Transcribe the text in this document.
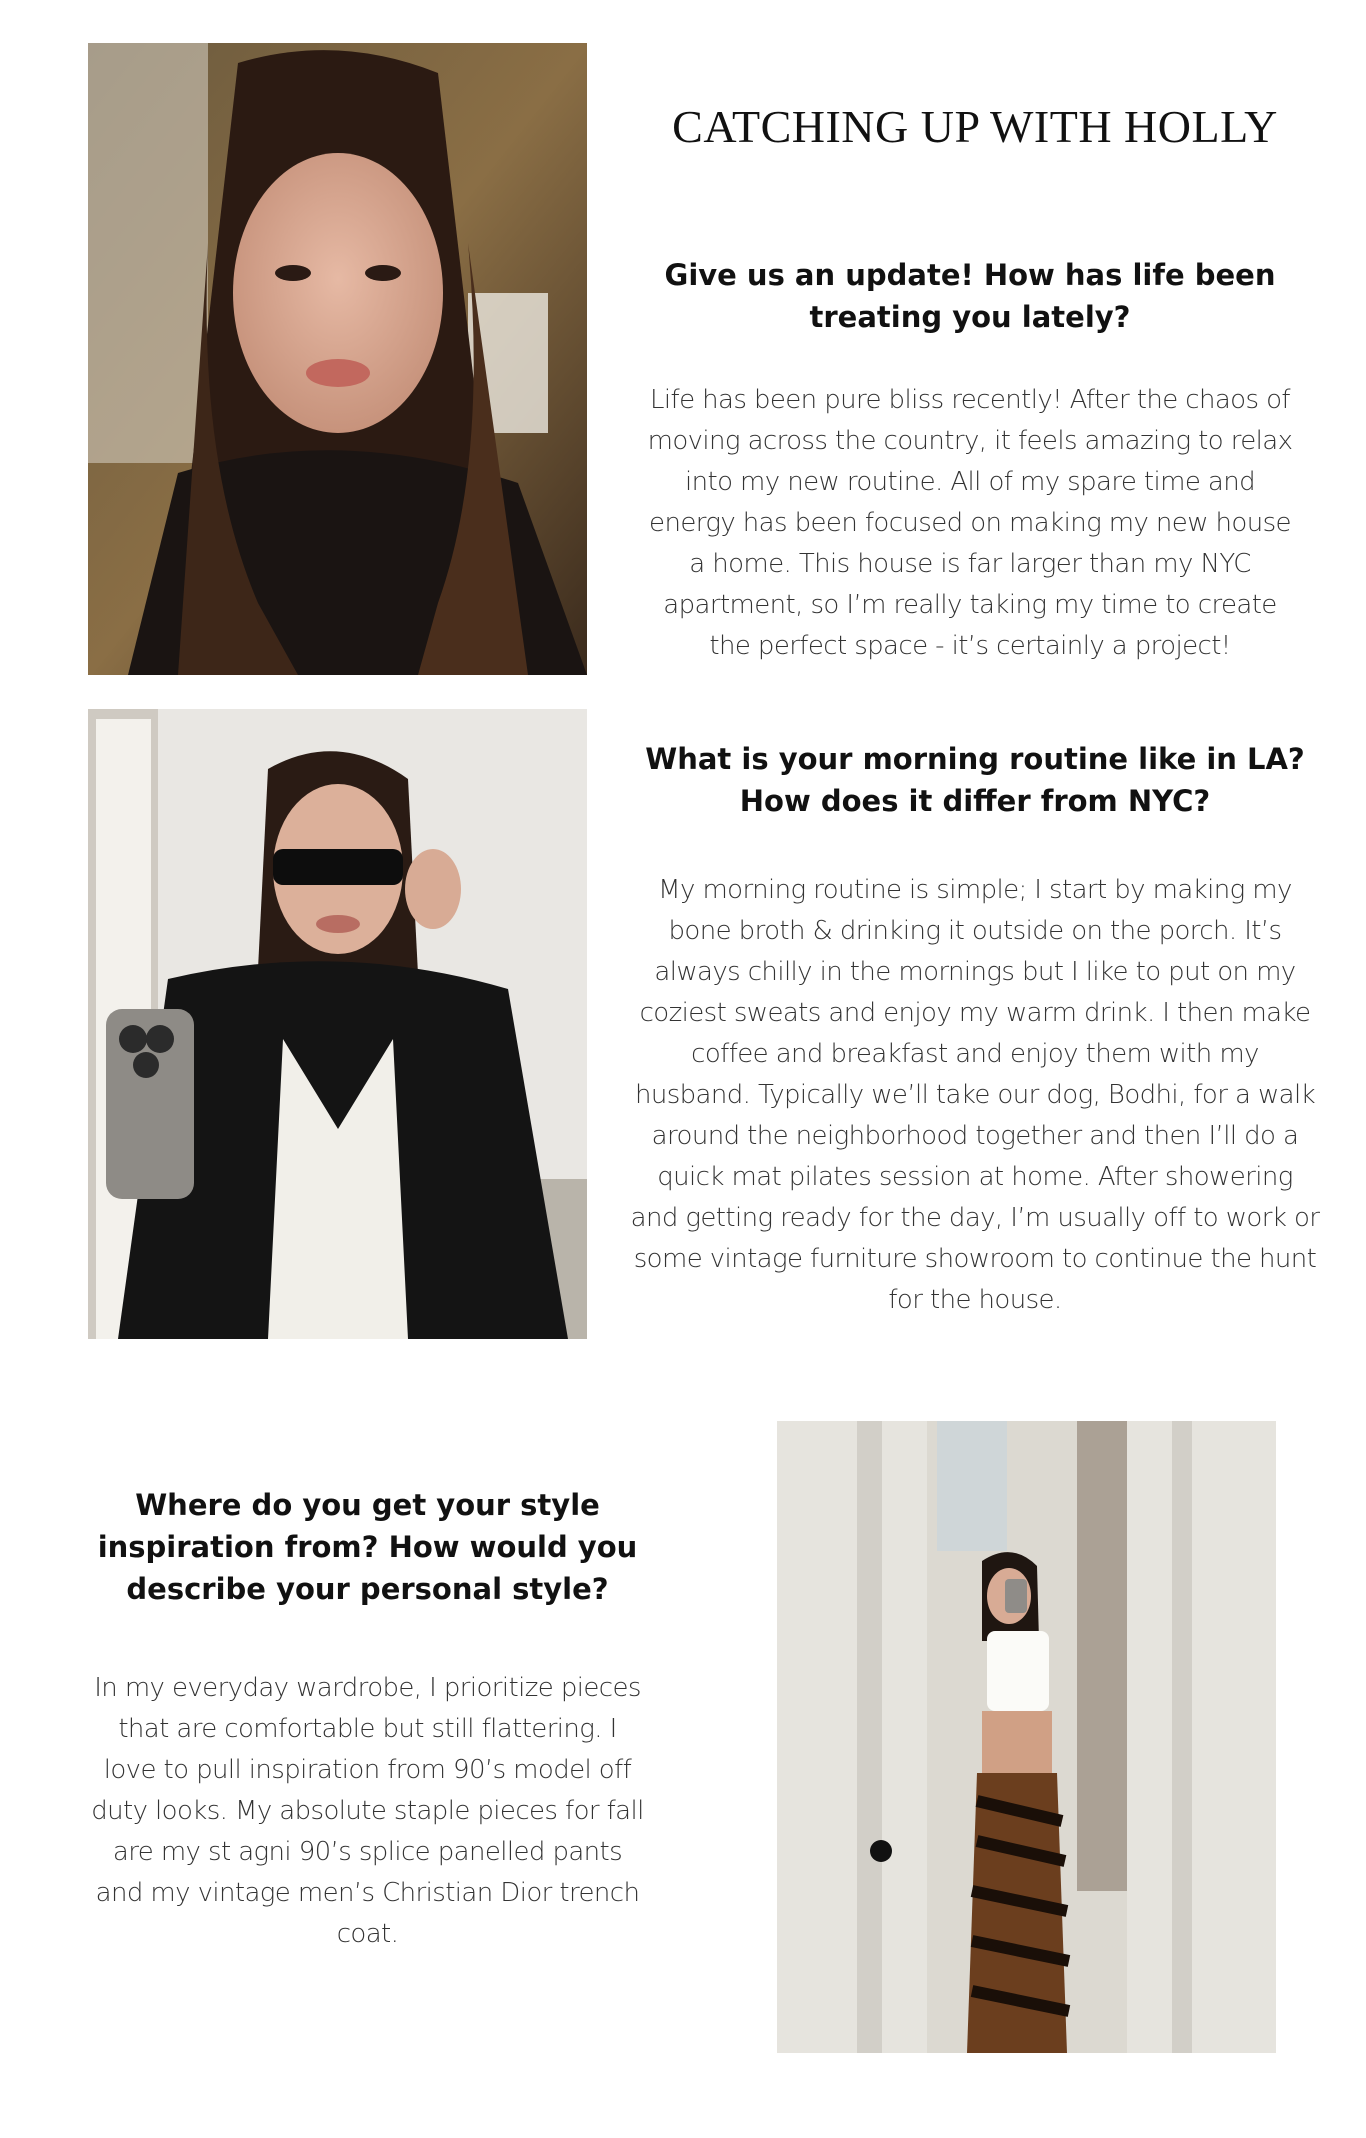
CATCHING UP WITH HOLLY
Give us an update! How has life been treating you lately?

Life has been pure bliss recently! After the chaos of moving across the country, it feels amazing to relax into my new routine. All of my spare time and energy has been focused on making my new house a home. This house is far larger than my NYC apartment, so I’m really taking my time to create the perfect space - it’s certainly a project!

What is your morning routine like in LA? How does it differ from NYC?

My morning routine is simple; I start by making my bone broth & drinking it outside on the porch. It’s always chilly in the mornings but I like to put on my coziest sweats and enjoy my warm drink. I then make coffee and breakfast and enjoy them with my husband. Typically we’ll take our dog, Bodhi, for a walk around the neighborhood together and then I’ll do a quick mat pilates session at home. After showering and getting ready for the day, I’m usually off to work or some vintage furniture showroom to continue the hunt for the house.

Where do you get your style inspiration from? How would you describe your personal style?

In my everyday wardrobe, I prioritize pieces that are comfortable but still flattering. I love to pull inspiration from 90’s model off duty looks. My absolute staple pieces for fall are my st agni 90’s splice panelled pants and my vintage men’s Christian Dior trench coat.
